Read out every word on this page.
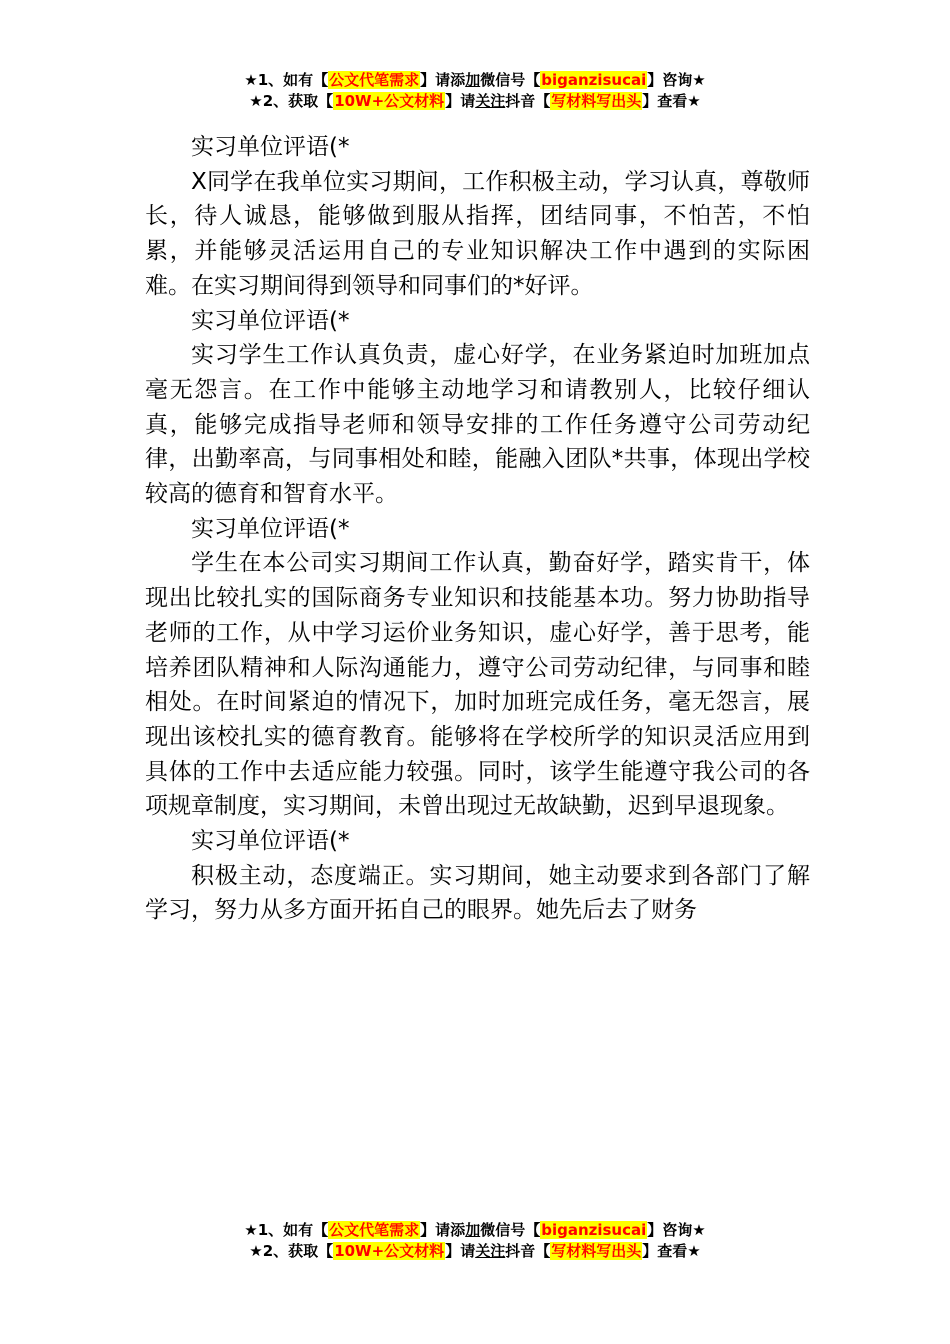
★1、如有【公文代笔需求】请添加微信号【biganzisucai】咨询★
★2、获取【10W+公文材料】请关注抖音【写材料写出头】查看★

实习单位评语(*

X同学在我单位实习期间，工作积极主动，学习认真，尊敬师长，待人诚恳，能够做到服从指挥，团结同事，不怕苦，不怕累，并能够灵活运用自己的专业知识解决工作中遇到的实际困难。在实习期间得到领导和同事们的*好评。

实习单位评语(*

实习学生工作认真负责，虚心好学，在业务紧迫时加班加点毫无怨言。在工作中能够主动地学习和请教别人，比较仔细认真，能够完成指导老师和领导安排的工作任务遵守公司劳动纪律，出勤率高，与同事相处和睦，能融入团队*共事，体现出学校较高的德育和智育水平。

实习单位评语(*

学生在本公司实习期间工作认真，勤奋好学，踏实肯干，体现出比较扎实的国际商务专业知识和技能基本功。努力协助指导老师的工作，从中学习运价业务知识，虚心好学，善于思考，能培养团队精神和人际沟通能力，遵守公司劳动纪律，与同事和睦相处。在时间紧迫的情况下，加时加班完成任务，毫无怨言，展现出该校扎实的德育教育。能够将在学校所学的知识灵活应用到具体的工作中去适应能力较强。同时，该学生能遵守我公司的各项规章制度，实习期间，未曾出现过无故缺勤，迟到早退现象。

实习单位评语(*

积极主动，态度端正。实习期间，她主动要求到各部门了解学习，努力从多方面开拓自己的眼界。她先后去了财务

★1、如有【公文代笔需求】请添加微信号【biganzisucai】咨询★
★2、获取【10W+公文材料】请关注抖音【写材料写出头】查看★
